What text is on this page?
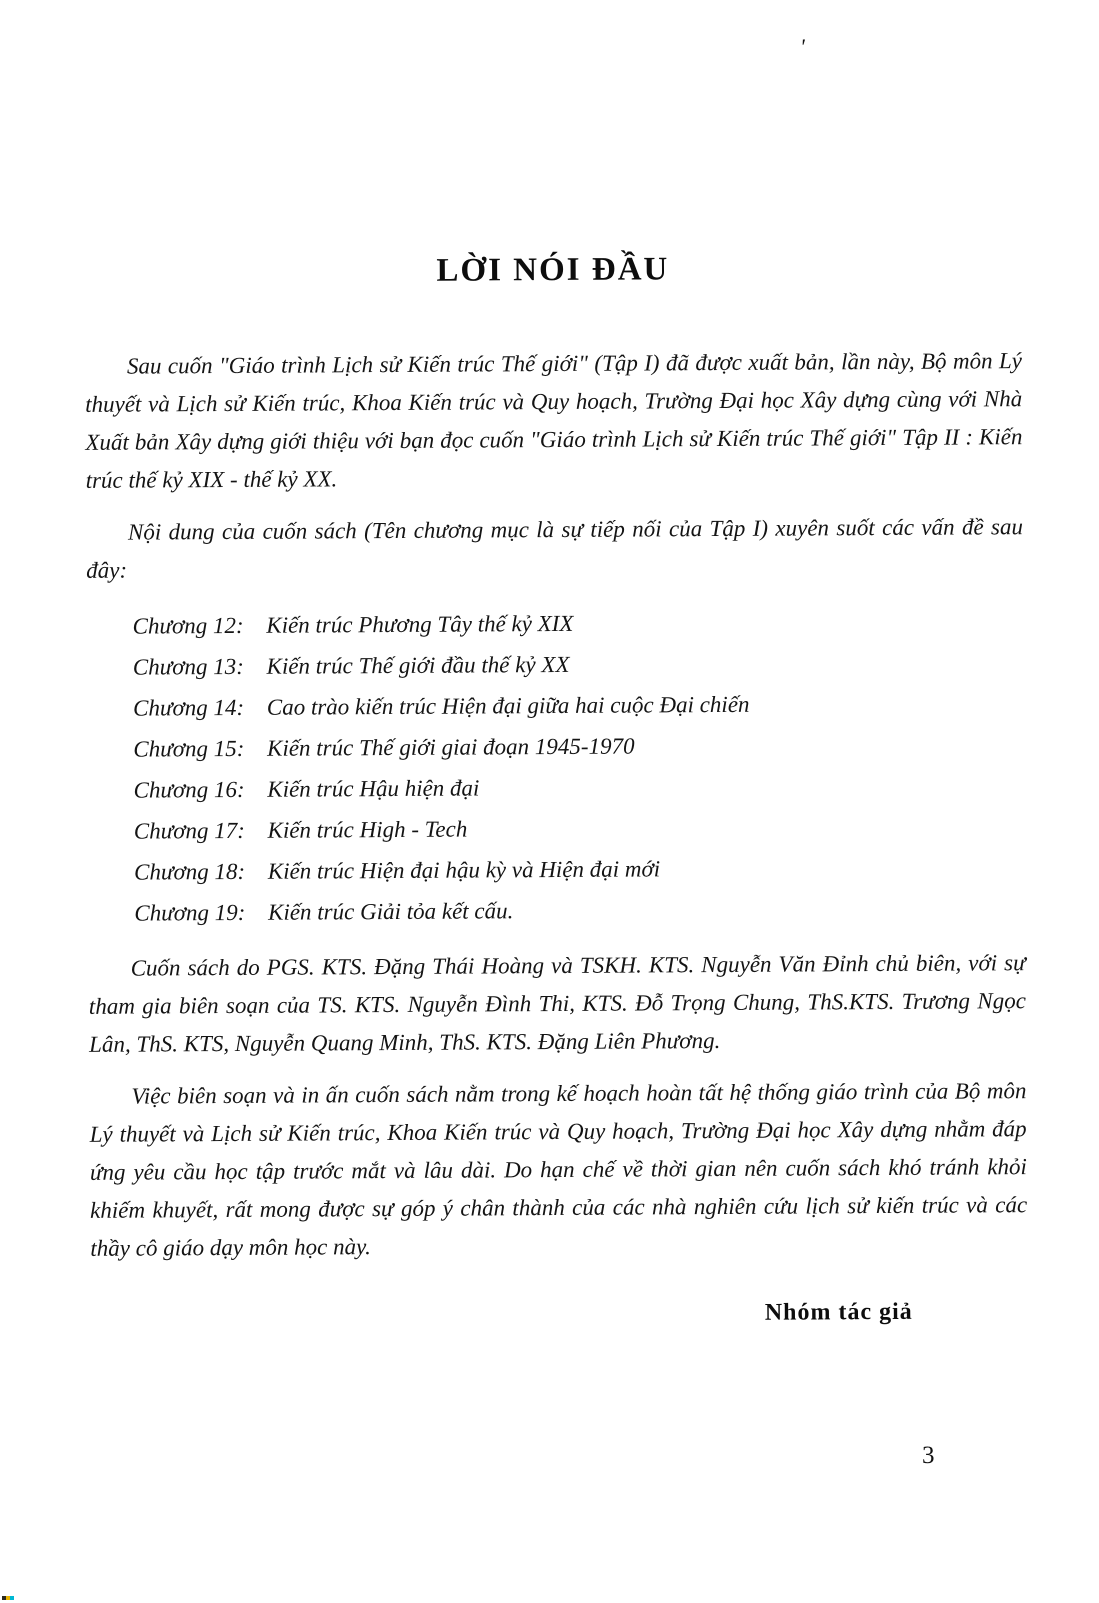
'
LỜI NÓI ĐẦU

Sau cuốn "Giáo trình Lịch sử Kiến trúc Thế giới" (Tập I) đã được xuất bản, lần này, Bộ môn Lý thuyết và Lịch sử Kiến trúc, Khoa Kiến trúc và Quy hoạch, Trường Đại học Xây dựng cùng với Nhà Xuất bản Xây dựng giới thiệu với bạn đọc cuốn "Giáo trình Lịch sử Kiến trúc Thế giới" Tập II : Kiến trúc thế kỷ XIX - thế kỷ XX.

Nội dung của cuốn sách (Tên chương mục là sự tiếp nối của Tập I) xuyên suốt các vấn đề sau đây:

Chương 12: Kiến trúc Phương Tây thế kỷ XIX
Chương 13: Kiến trúc Thế giới đầu thế kỷ XX
Chương 14: Cao trào kiến trúc Hiện đại giữa hai cuộc Đại chiến
Chương 15: Kiến trúc Thế giới giai đoạn 1945-1970
Chương 16: Kiến trúc Hậu hiện đại
Chương 17: Kiến trúc High - Tech
Chương 18: Kiến trúc Hiện đại hậu kỳ và Hiện đại mới
Chương 19: Kiến trúc Giải tỏa kết cấu.

Cuốn sách do PGS. KTS. Đặng Thái Hoàng và TSKH. KTS. Nguyễn Văn Đỉnh chủ biên, với sự tham gia biên soạn của TS. KTS. Nguyễn Đình Thi, KTS. Đỗ Trọng Chung, ThS.KTS. Trương Ngọc Lân, ThS. KTS, Nguyễn Quang Minh, ThS. KTS. Đặng Liên Phương.

Việc biên soạn và in ấn cuốn sách nằm trong kế hoạch hoàn tất hệ thống giáo trình của Bộ môn Lý thuyết và Lịch sử Kiến trúc, Khoa Kiến trúc và Quy hoạch, Trường Đại học Xây dựng nhằm đáp ứng yêu cầu học tập trước mắt và lâu dài. Do hạn chế về thời gian nên cuốn sách khó tránh khỏi khiếm khuyết, rất mong được sự góp ý chân thành của các nhà nghiên cứu lịch sử kiến trúc và các thầy cô giáo dạy môn học này.

Nhóm tác giả

3
